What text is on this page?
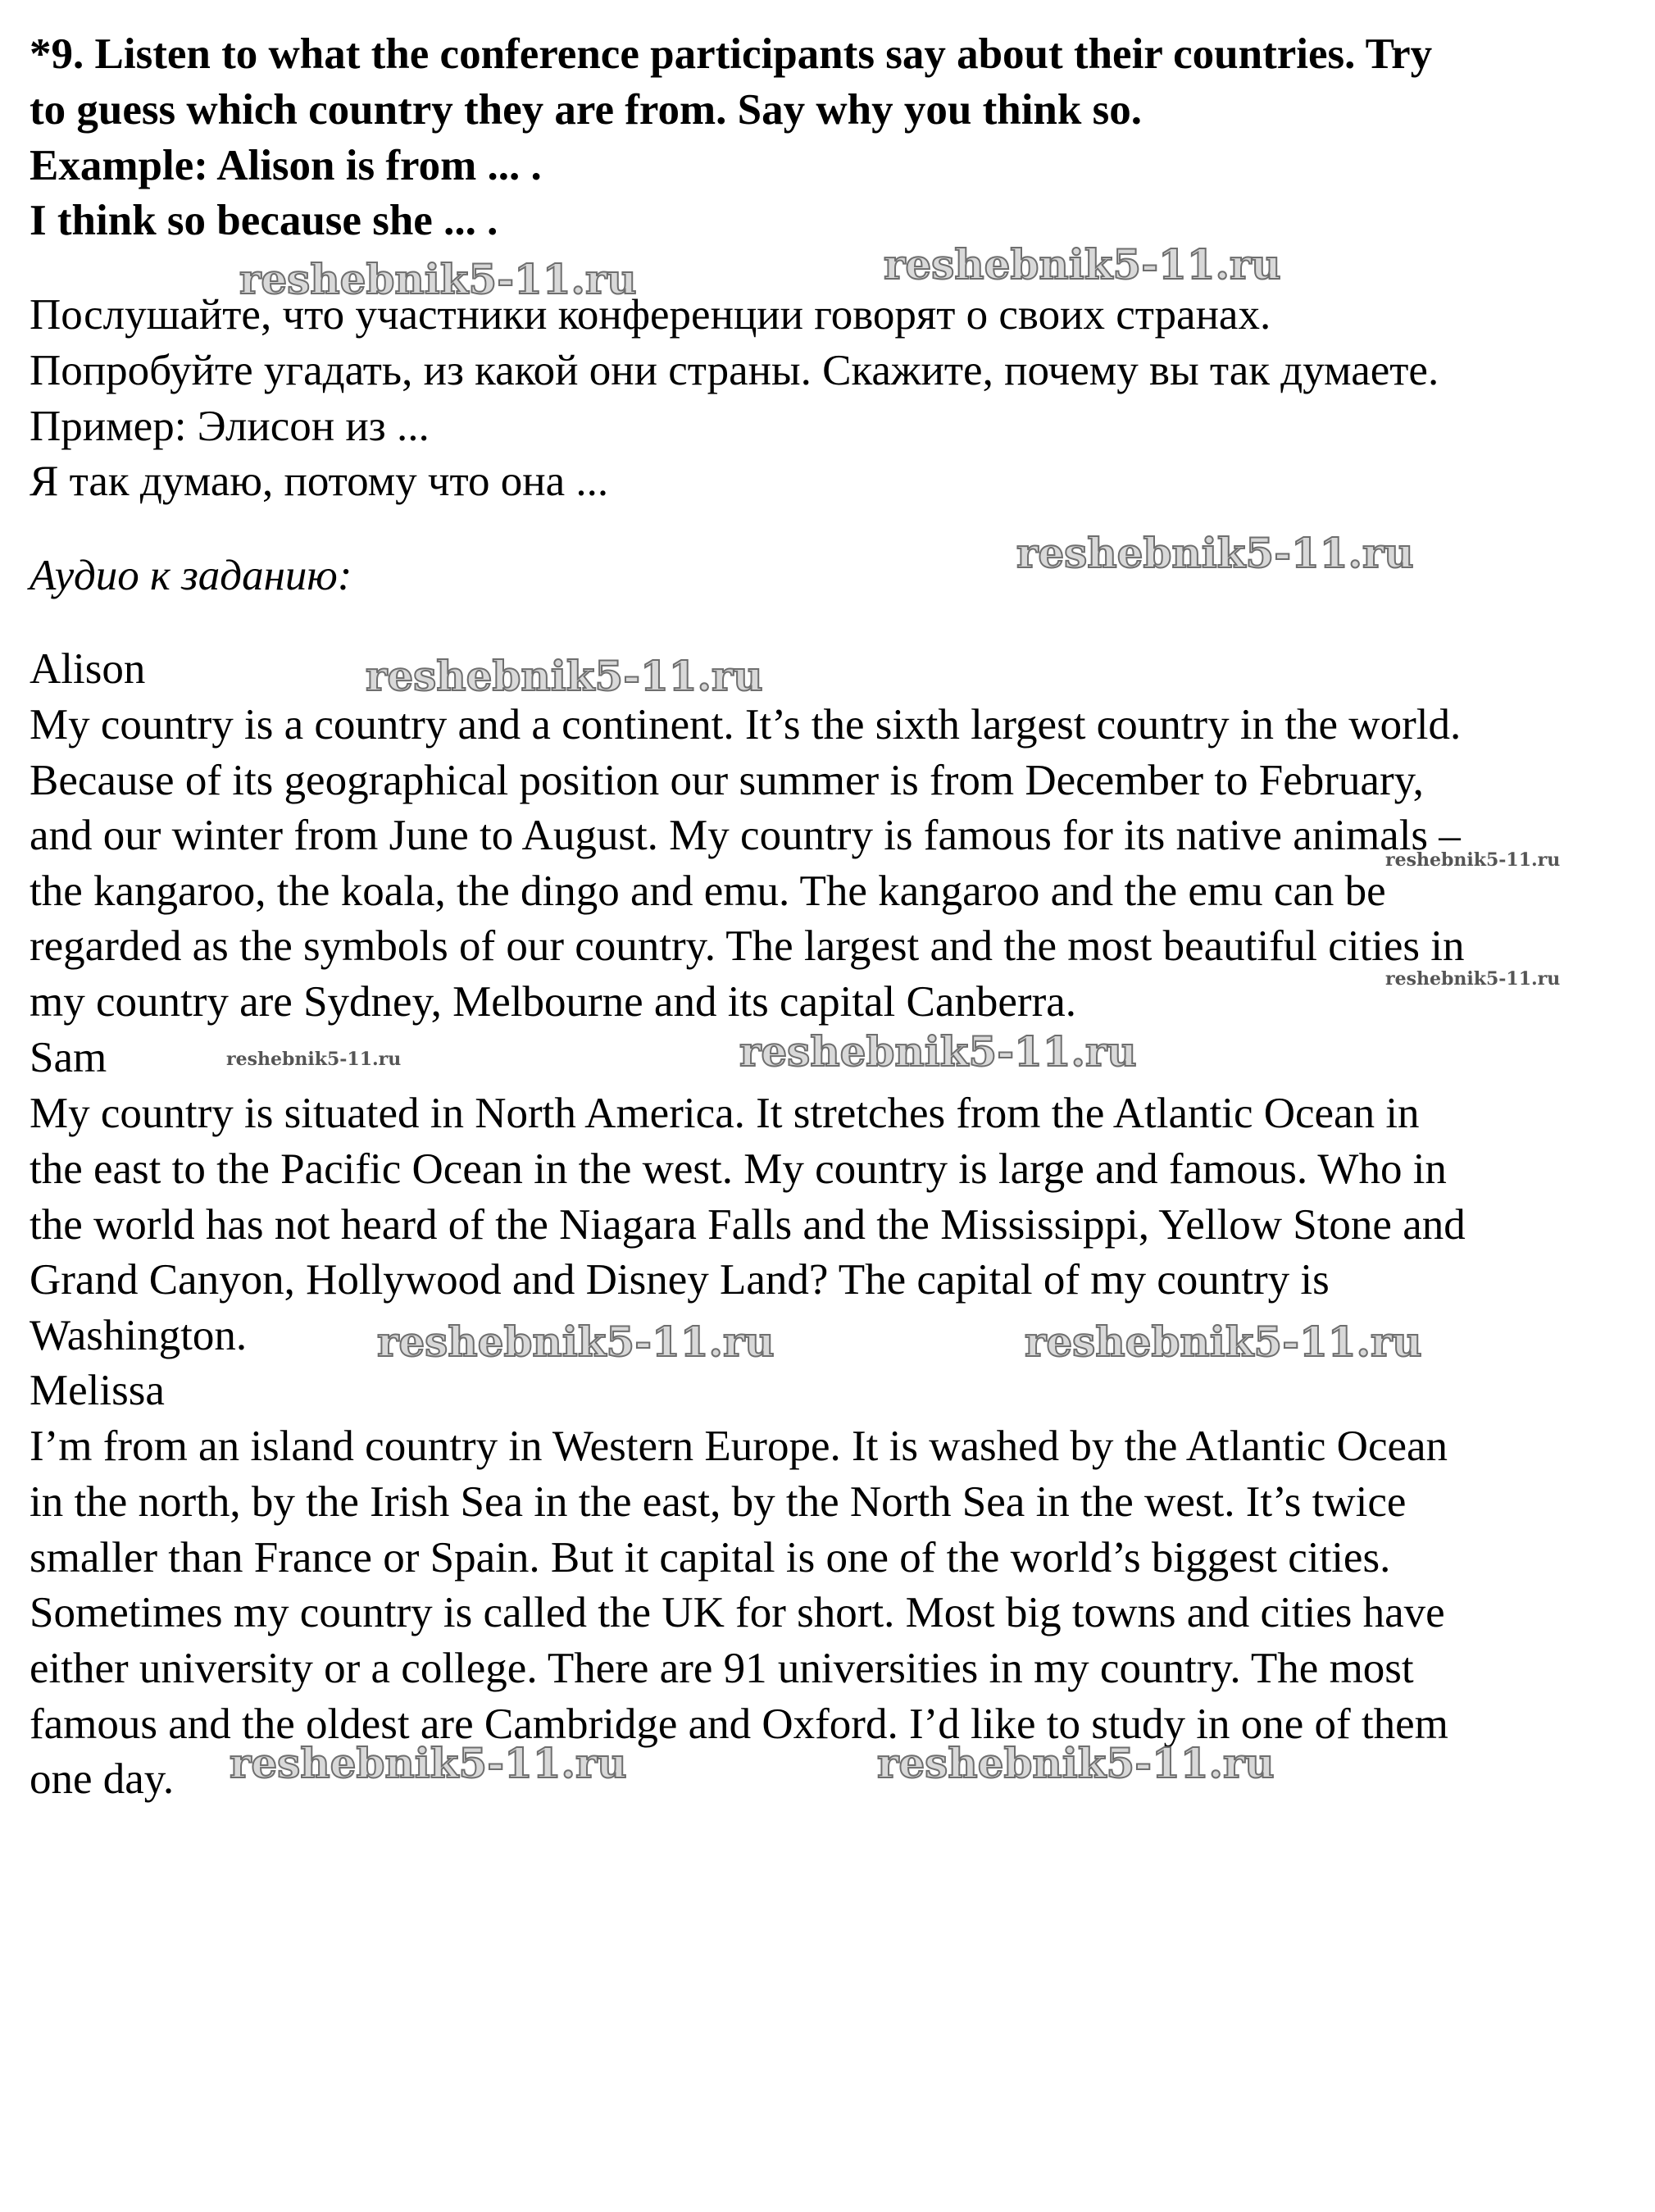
*9. Listen to what the conference participants say about their countries. Try
to guess which country they are from. Say why you think so.
Example: Alison is from ... .
I think so because she ... .
Послушайте, что участники конференции говорят о своих странах.
Попробуйте угадать, из какой они страны. Скажите, почему вы так думаете.
Пример: Элисон из ...
Я так думаю, потому что она ...
Аудио к заданию:
Alison
My country is a country and a continent. It’s the sixth largest country in the world.
Because of its geographical position our summer is from December to February,
and our winter from June to August. My country is famous for its native animals –
the kangaroo, the koala, the dingo and emu. The kangaroo and the emu can be
regarded as the symbols of our country. The largest and the most beautiful cities in
my country are Sydney, Melbourne and its capital Canberra.
Sam
My country is situated in North America. It stretches from the Atlantic Ocean in
the east to the Pacific Ocean in the west. My country is large and famous. Who in
the world has not heard of the Niagara Falls and the Mississippi, Yellow Stone and
Grand Canyon, Hollywood and Disney Land? The capital of my country is
Washington.
Melissa
I’m from an island country in Western Europe. It is washed by the Atlantic Ocean
in the north, by the Irish Sea in the east, by the North Sea in the west. It’s twice
smaller than France or Spain. But it capital is one of the world’s biggest cities.
Sometimes my country is called the UK for short. Most big towns and cities have
either university or a college. There are 91 universities in my country. The most
famous and the oldest are Cambridge and Oxford. I’d like to study in one of them
one day.
reshebnik5-11.ru	reshebnik5-11.ru
reshebnik5-11.ru
reshebnik5-11.ru
reshebnik5-11.ru
reshebnik5-11.ru	reshebnik5-11.ru
reshebnik5-11.ru	reshebnik5-11.ru
reshebnik5-11.ru
reshebnik5-11.ru
reshebnik5-11.ru
